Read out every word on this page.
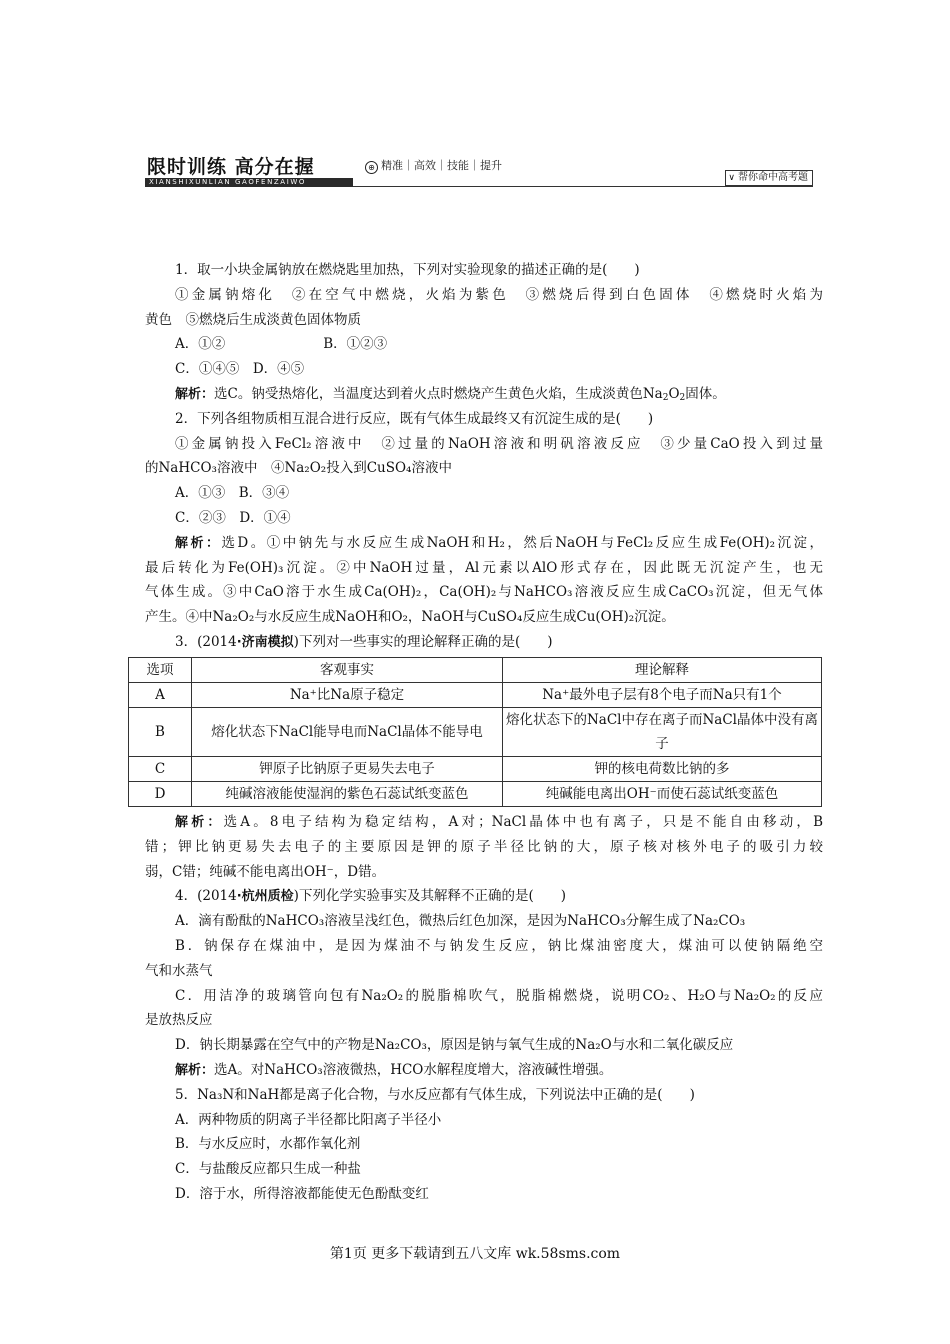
限时训练 高分在握
XIANSHIXUNLIAN GAOFENZAIWO
⊕ 精准｜高效｜技能｜提升
∨ 帮你命中高考题
1．取一小块金属钠放在燃烧匙里加热，下列对实验现象的描述正确的是(　　)
①金属钠熔化　②在空气中燃烧，火焰为紫色　③燃烧后得到白色固体　④燃烧时火焰为
黄色　⑤燃烧后生成淡黄色固体物质
A．①②	B．①②③
C．①④⑤　D．④⑤
解析：选C。钠受热熔化，当温度达到着火点时燃烧产生黄色火焰，生成淡黄色$Na_2O_2$固体。
2．下列各组物质相互混合进行反应，既有气体生成最终又有沉淀生成的是(　　)
①金属钠投入FeCl₂溶液中　②过量的NaOH溶液和明矾溶液反应　③少量CaO投入到过量
的NaHCO₃溶液中　④Na₂O₂投入到CuSO₄溶液中
A．①③　B．③④
C．②③　D．①④
解析：选D。①中钠先与水反应生成NaOH和H₂，然后NaOH与FeCl₂反应生成Fe(OH)₂沉淀，
最后转化为Fe(OH)₃沉淀。②中NaOH过量，Al元素以AlO形式存在，因此既无沉淀产生，也无
气体生成。③中CaO溶于水生成Ca(OH)₂，Ca(OH)₂与NaHCO₃溶液反应生成CaCO₃沉淀，但无气体
产生。④中Na₂O₂与水反应生成NaOH和O₂，NaOH与CuSO₄反应生成Cu(OH)₂沉淀。
3．(2014·济南模拟)下列对一些事实的理论解释正确的是(　　)
选项	客观事实	理论解释
A	Na⁺比Na原子稳定	Na⁺最外电子层有8个电子而Na只有1个
B	熔化状态下NaCl能导电而NaCl晶体不能导电	熔化状态下的NaCl中存在离子而NaCl晶体中没有离子
C	钾原子比钠原子更易失去电子	钾的核电荷数比钠的多
D	纯碱溶液能使湿润的紫色石蕊试纸变蓝色	纯碱能电离出OH⁻而使石蕊试纸变蓝色
解析：选A。8电子结构为稳定结构，A对；NaCl晶体中也有离子，只是不能自由移动，B
错；钾比钠更易失去电子的主要原因是钾的原子半径比钠的大，原子核对核外电子的吸引力较
弱，C错；纯碱不能电离出OH⁻，D错。
4．(2014·杭州质检)下列化学实验事实及其解释不正确的是(　　)
A．滴有酚酞的NaHCO₃溶液呈浅红色，微热后红色加深，是因为NaHCO₃分解生成了Na₂CO₃
B．钠保存在煤油中，是因为煤油不与钠发生反应，钠比煤油密度大，煤油可以使钠隔绝空
气和水蒸气
C．用洁净的玻璃管向包有Na₂O₂的脱脂棉吹气，脱脂棉燃烧，说明CO₂、H₂O与Na₂O₂的反应
是放热反应
D．钠长期暴露在空气中的产物是Na₂CO₃，原因是钠与氧气生成的Na₂O与水和二氧化碳反应
解析：选A。对NaHCO₃溶液微热，HCO水解程度增大，溶液碱性增强。
5．Na₃N和NaH都是离子化合物，与水反应都有气体生成，下列说法中正确的是(　　)
A．两种物质的阴离子半径都比阳离子半径小
B．与水反应时，水都作氧化剂
C．与盐酸反应都只生成一种盐
D．溶于水，所得溶液都能使无色酚酞变红
第1页 更多下载请到五八文库 wk.58sms.com
